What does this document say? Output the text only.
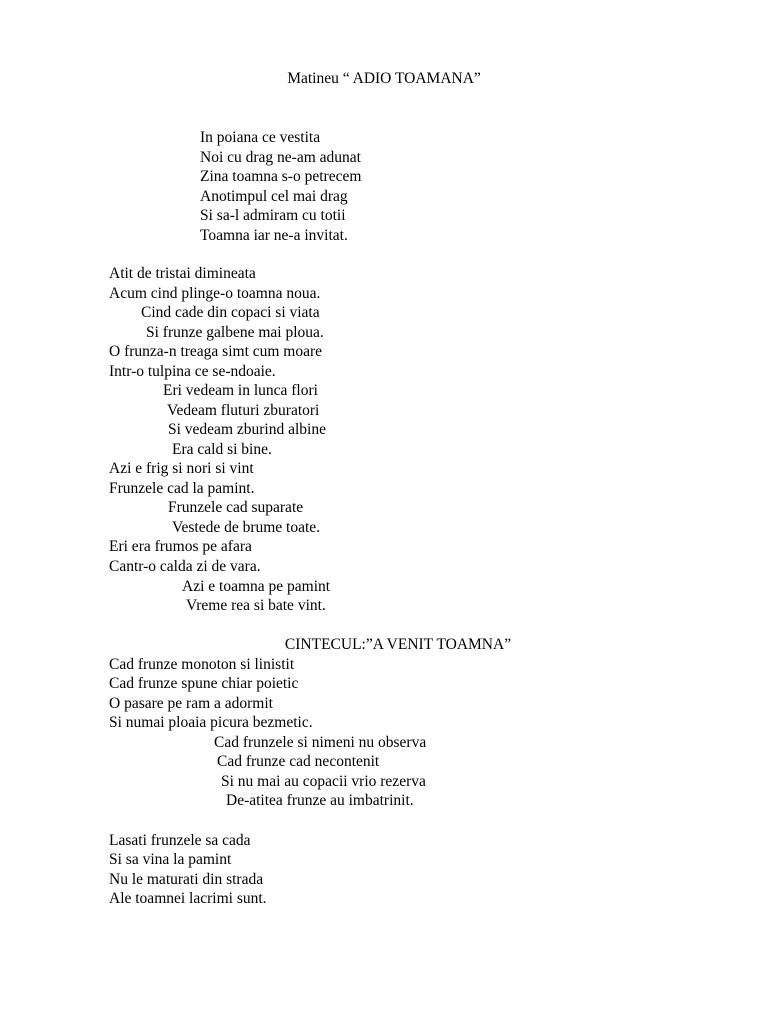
Matineu “ ADIO TOAMANA”
In poiana ce vestita
Noi cu drag ne-am adunat
Zina toamna s-o petrecem
Anotimpul cel mai drag
Si sa-l admiram cu totii
Toamna iar ne-a invitat.
Atit de tristai dimineata
Acum cind plinge-o toamna noua.
Cind cade din copaci si viata
Si frunze galbene mai ploua.
O frunza-n treaga simt cum moare
Intr-o tulpina ce se-ndoaie.
Eri vedeam in lunca flori
Vedeam fluturi zburatori
Si vedeam zburind albine
Era cald si bine.
Azi e frig si nori si vint
Frunzele cad la pamint.
Frunzele cad suparate
Vestede de brume toate.
Eri era frumos pe afara
Cantr-o calda zi de vara.
Azi e toamna pe pamint
Vreme rea si bate vint.
CINTECUL:”A VENIT TOAMNA”
Cad frunze monoton si linistit
Cad frunze spune chiar poietic
O pasare pe ram a adormit
Si numai ploaia picura bezmetic.
Cad frunzele si nimeni nu observa
Cad frunze cad necontenit
Si nu mai au copacii vrio rezerva
De-atitea frunze au imbatrinit.
Lasati frunzele sa cada
Si sa vina la pamint
Nu le maturati din strada
Ale toamnei lacrimi sunt.
